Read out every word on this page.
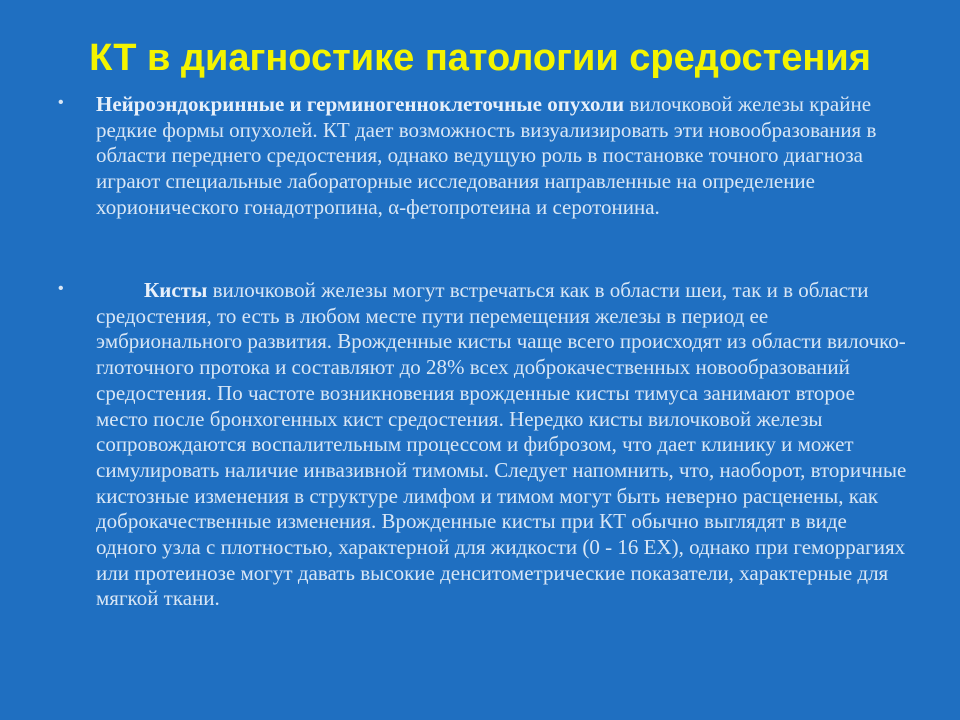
КТ в диагностике патологии средостения
• Нейроэндокринные и герминогенноклеточные опухоли вилочковой железы крайне редкие формы опухолей. КТ дает возможность визуализировать эти новообразования в области переднего средостения, однако ведущую роль в постановке точного диагноза играют специальные лабораторные исследования направленные на определение хорионического гонадотропина, α-фетопротеина и серотонина.
•	Кисты вилочковой железы могут встречаться как в области шеи, так и в области средостения, то есть в любом месте пути перемещения железы в период ее эмбрионального развития. Врожденные кисты чаще всего происходят из области вилочко-глоточного протока и составляют до 28% всех доброкачественных новообразований средостения. По частоте возникновения врожденные кисты тимуса занимают второе место после бронхогенных кист средостения. Нередко кисты вилочковой железы сопровождаются воспалительным процессом и фиброзом, что дает клинику и может симулировать наличие инвазивной тимомы. Следует напомнить, что, наоборот, вторичные кистозные изменения в структуре лимфом и тимом могут быть неверно расценены, как доброкачественные изменения. Врожденные кисты при КТ обычно выглядят в виде одного узла с плотностью, характерной для жидкости (0 - 16 ЕХ), однако при геморрагиях или протеинозе могут давать высокие денситометрические показатели, характерные для мягкой ткани.
